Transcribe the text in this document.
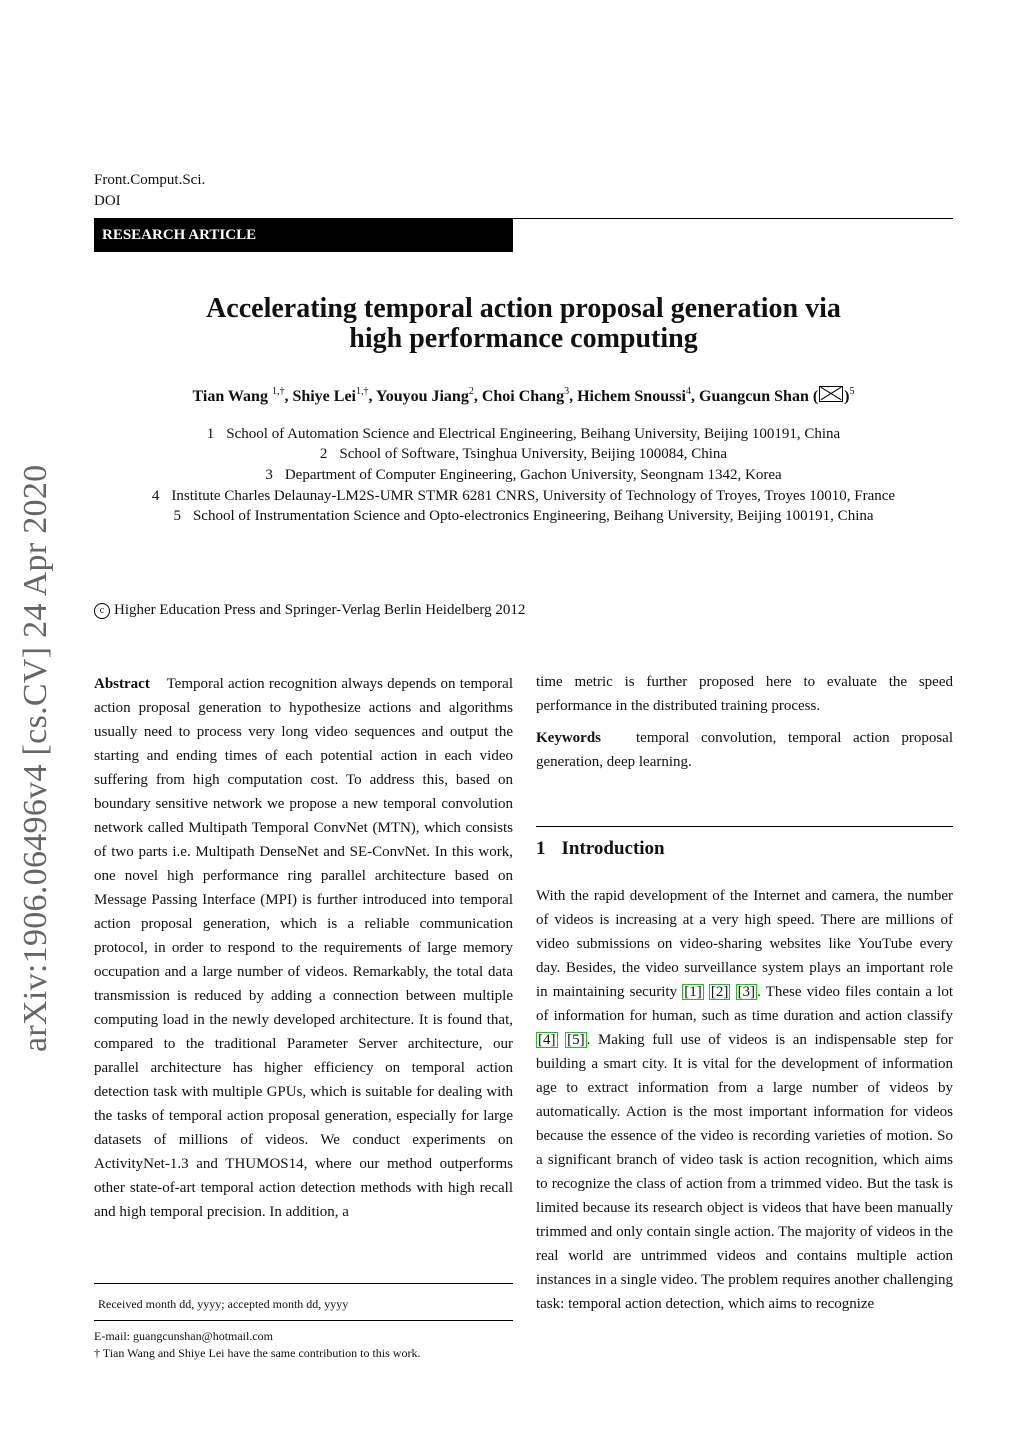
Front.Comput.Sci.
DOI
RESEARCH ARTICLE
Accelerating temporal action proposal generation via
high performance computing
Tian Wang $^{1,\dagger}$, Shiye Lei$^{1,\dagger}$, Youyou Jiang$^2$, Choi Chang$^3$, Hichem Snoussi$^4$, Guangcun Shan ( )$^5$
1 School of Automation Science and Electrical Engineering, Beihang University, Beijing 100191, China
2 School of Software, Tsinghua University, Beijing 100084, China
3 Department of Computer Engineering, Gachon University, Seongnam 1342, Korea
4 Institute Charles Delaunay-LM2S-UMR STMR 6281 CNRS, University of Technology of Troyes, Troyes 10010, France
5 School of Instrumentation Science and Opto-electronics Engineering, Beihang University, Beijing 100191, China
arXiv:1906.06496v4 [cs.CV] 24 Apr 2020	c Higher Education Press and Springer-Verlag Berlin Heidelberg 2012
Abstract Temporal action recognition always depends on temporal action proposal generation to hypothesize actions and algorithms usually need to process very long video sequences and output the starting and ending times of each potential action in each video suffering from high computation cost. To address this, based on boundary sensitive network we propose a new temporal convolution network called Multipath Temporal ConvNet (MTN), which consists of two parts i.e. Multipath DenseNet and SE-ConvNet. In this work, one novel high performance ring parallel architecture based on Message Passing Interface (MPI) is further introduced into temporal action proposal generation, which is a reliable communication protocol, in order to respond to the requirements of large memory occupation and a large number of videos. Remarkably, the total data transmission is reduced by adding a connection between multiple computing load in the newly developed architecture. It is found that, compared to the traditional Parameter Server architecture, our parallel architecture has higher efficiency on temporal action detection task with multiple GPUs, which is suitable for dealing with the tasks of temporal action proposal generation, especially for large datasets of millions of videos. We conduct experiments on ActivityNet-1.3 and THUMOS14, where our method outperforms other state-of-art temporal action detection methods with high recall and high temporal precision. In addition, a
Received month dd, yyyy; accepted month dd, yyyy
E-mail: guangcunshan@hotmail.com
† Tian Wang and Shiye Lei have the same contribution to this work.
time metric is further proposed here to evaluate the speed performance in the distributed training process.
Keywords temporal convolution, temporal action proposal generation, deep learning.
1 Introduction
With the rapid development of the Internet and camera, the number of videos is increasing at a very high speed. There are millions of video submissions on video-sharing websites like YouTube every day. Besides, the video surveillance system plays an important role in maintaining security [1] [2] [3] . These video files contain a lot of information for human, such as time duration and action classify [4] [5] . Making full use of videos is an indispensable step for building a smart city. It is vital for the development of information age to extract information from a large number of videos by automatically. Action is the most important information for videos because the essence of the video is recording varieties of motion. So a significant branch of video task is action recognition, which aims to recognize the class of action from a trimmed video. But the task is limited because its research object is videos that have been manually trimmed and only contain single action. The majority of videos in the real world are untrimmed videos and contains multiple action instances in a single video. The problem requires another challenging task: temporal action detection, which aims to recognize
